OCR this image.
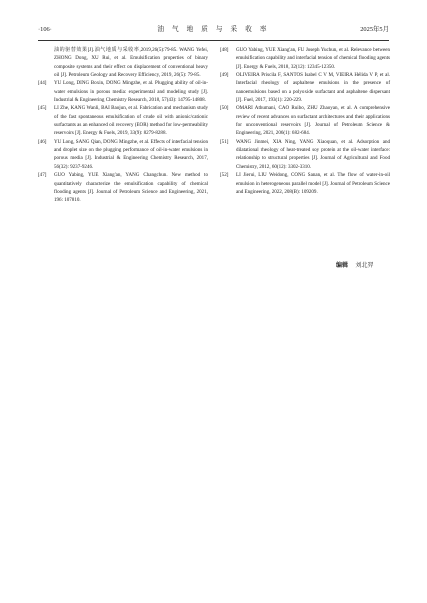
·106·	油 气 地 质 与 采 收 率	2025年5月

油的驱替效果[J].油气地质与采收率,2019,26(5):79-85. WANG Yefei, ZHONG Dong, XU Rui, et al. Emulsification properties of binary composite systems and their effect on displacement of conventional heavy oil [J]. Petroleum Geology and Recovery Efficiency, 2019, 26(5): 79-85.

[44]	YU Long, DING Boxin, DONG Mingzhe, et al. Plugging ability of oil-in-water emulsions in porous media: experimental and modeling study [J]. Industrial & Engineering Chemistry Research, 2018, 57(43): 14795-14808.

[45]	LI Zhe, KANG Wanli, BAI Baojun, et al. Fabrication and mechanism study of the fast spontaneous emulsification of crude oil with anionic/cationic surfactants as an enhanced oil recovery (EOR) method for low-permeability reservoirs [J]. Energy & Fuels, 2019, 33(9): 8279-8288.

[46]	YU Long, SANG Qian, DONG Mingzhe, et al. Effects of interfacial tension and droplet size on the plugging performance of oil-in-water emulsions in porous media [J]. Industrial & Engineering Chemistry Research, 2017, 56(32): 9237-9246.

[47]	GUO Yabing, YUE Xiang'an, YANG Changchun. New method to quantitatively characterize the emulsification capability of chemical flooding agents [J]. Journal of Petroleum Science and Engineering, 2021, 196: 107810.

[48]	GUO Yabing, YUE Xiang'an, FU Joseph Yuchun, et al. Relevance between emulsification capability and interfacial tension of chemical flooding agents [J]. Energy & Fuels, 2018, 32(12): 12345-12350.

[49]	OLIVEIRA Priscila F, SANTOS Isabel C V M, VIEIRA Hélida V P, et al. Interfacial rheology of asphaltene emulsions in the presence of nanoemulsions based on a polyoxide surfactant and asphaltene dispersant [J]. Fuel, 2017, 193(1): 220-229.

[50]	OMARI Athumani, CAO Ruibo, ZHU Zhaoyan, et al. A comprehensive review of recent advances on surfactant architectures and their applications for unconventional reservoirs [J]. Journal of Petroleum Science & Engineering, 2021, 206(1): 682-684.

[51]	WANG Jinmei, XIA Ning, YANG Xiaoquan, et al. Adsorption and dilatational rheology of heat-treated soy protein at the oil-water interface: relationship to structural properties [J]. Journal of Agricultural and Food Chemistry, 2012, 60(12): 3302-3310.

[52]	LI Jierui, LIU Weidong, CONG Sanan, et al. The flow of water-in-oil emulsion in heterogeneous parallel model [J]. Journal of Petroleum Science and Engineering, 2022, 208(B): 109209.

编辑 刘北羿
